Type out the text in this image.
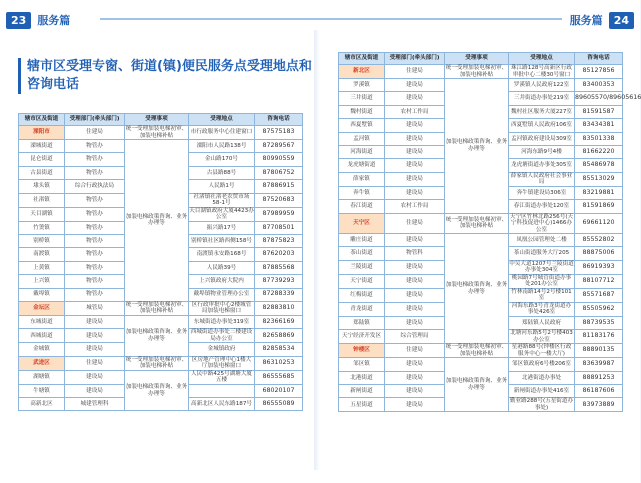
23	服务篇
辖市区受理专窗、街道(镇)便民服务点受理地点和咨询电话
辖市区及街道	受理部门(牵头部门)	受理事项	受理地点	咨询电话
溧阳市	住建局	统一受理加装电梯初审、加装电梯补贴	市行政服务中心住建窗口	87575183
溧城街道	物管办	加装电梯政策咨询、业务办理等	溧阳市人民路138号	87289567
昆仑街道	物管办		金山路170号	80990559
古县街道	物管办		古县路88号	87806752
埭头镇	综合行政执法局		人民路1号	87886915
社渚镇	物管办		社渚镇社渚老农贸市场58-1号	87520683
天目湖镇	物管办		天目湖镇政府大厦4423办公室	87989959
竹箦镇	物管办		振兴路17号	87708501
别桥镇	物管办		别桥镇社区路西侧158号	87875823
南渡镇	物管办		南渡镇永安路168号	87620203
上黄镇	物管办		人民路39号	87885568
上兴镇	物管办		上兴镇政府大院内	87739293
戴埠镇	物管办		戴埠镇物业管理办公室	87288339
金坛区	城管局	统一受理加装电梯初审、加装电梯补贴	区行政审批中心2楼城管局加装电梯窗口	82883810
东城街道	建设局	加装电梯政策咨询、业务办理等	东城街道办事处319室	82366169
西城街道	建设局		西城街道办事处三楼建设局办公室	82658869
金城镇	建设局		金城镇政府	82858534
武进区	住建局	统一受理加装电梯初审、加装电梯补贴	区房地产管理中心1楼大厅加装电梯窗口	86310253
湖塘镇	建设局	加装电梯政策咨询、业务办理等	人民中路425号湖塘大厦五楼	86555685
牛塘镇	建设局			68020107
高新北区	城建管理科		高新北区人民东路187号	86555089
服务篇	24
辖市区及街道	受理部门(牵头部门)	受理事项	受理地点	咨询电话
新北区	住建局	统一受理加装电梯初审、加装电梯补贴	珠江路128号高新区行政审批中心二楼30号窗口	85127856
罗溪镇	建设局	加装电梯政策咨询、业务办理等	罗溪镇人民政府122室	83400353
三井街道	建设局		三井街道办事处219室	89605570/89605616
魏村街道	农村工作局		魏村社区服务大厦227室	81591587
西夏墅镇	建设局		西夏墅镇人民政府106室	83434381
孟河镇	建设局		孟河镇政府建设局309室	83501338
河海街道	建设局		河海东路9号4楼	81662220
龙虎塘街道	建设局		龙虎塘街道办事处305室	85486978
薛家镇	建设局		薛家镇人民政府社会事业局	85513029
奔牛镇	建设局		奔牛镇建设局306室	83219881
春江街道	农村工作局		春江街道办事处120室	81591869
天宁区	住建局	统一受理加装电梯初审、加装电梯补贴	天宁区竹林北路256号(天宁科技促进中心)1466办公室	69661120
雕庄街道	建设局	加装电梯政策咨询、业务办理等	凤凰公园管理处二楼	85552802
茶山街道	物管科		茶山街道服务大厅205	88875006
兰陵街道	建设局		中吴大道1207号兰陵街道办事处304室	86919393
天宁街道	建设局		桃园路7号城管街道办事处201办公室	88107712
红梅街道	建设局		竹林南路14号2号楼101室	85571687
青龙街道	建设局		河海东路3号青龙街道办事处426室	85505962
郑陆镇	建设局		郑陆镇人民政府	88739535
天宁经济开发区	综合管理局		北塘河东路5号2号楼403办公室	81183176
钟楼区	住建局	统一受理加装电梯初审、加装电梯补贴	星港路88号(钟楼区行政服务中心一楼大厅)	88890135
邹区镇	建设局	加装电梯政策咨询、业务办理等	邹区镇政府6号楼206室	83639987
北港街道	建设局		北港街道办事处	88891253
新闸街道	建设局		新闸街道办事处416室	86187606
五星街道	建设局		勤业路288号(五星街道办事处)	83973889
